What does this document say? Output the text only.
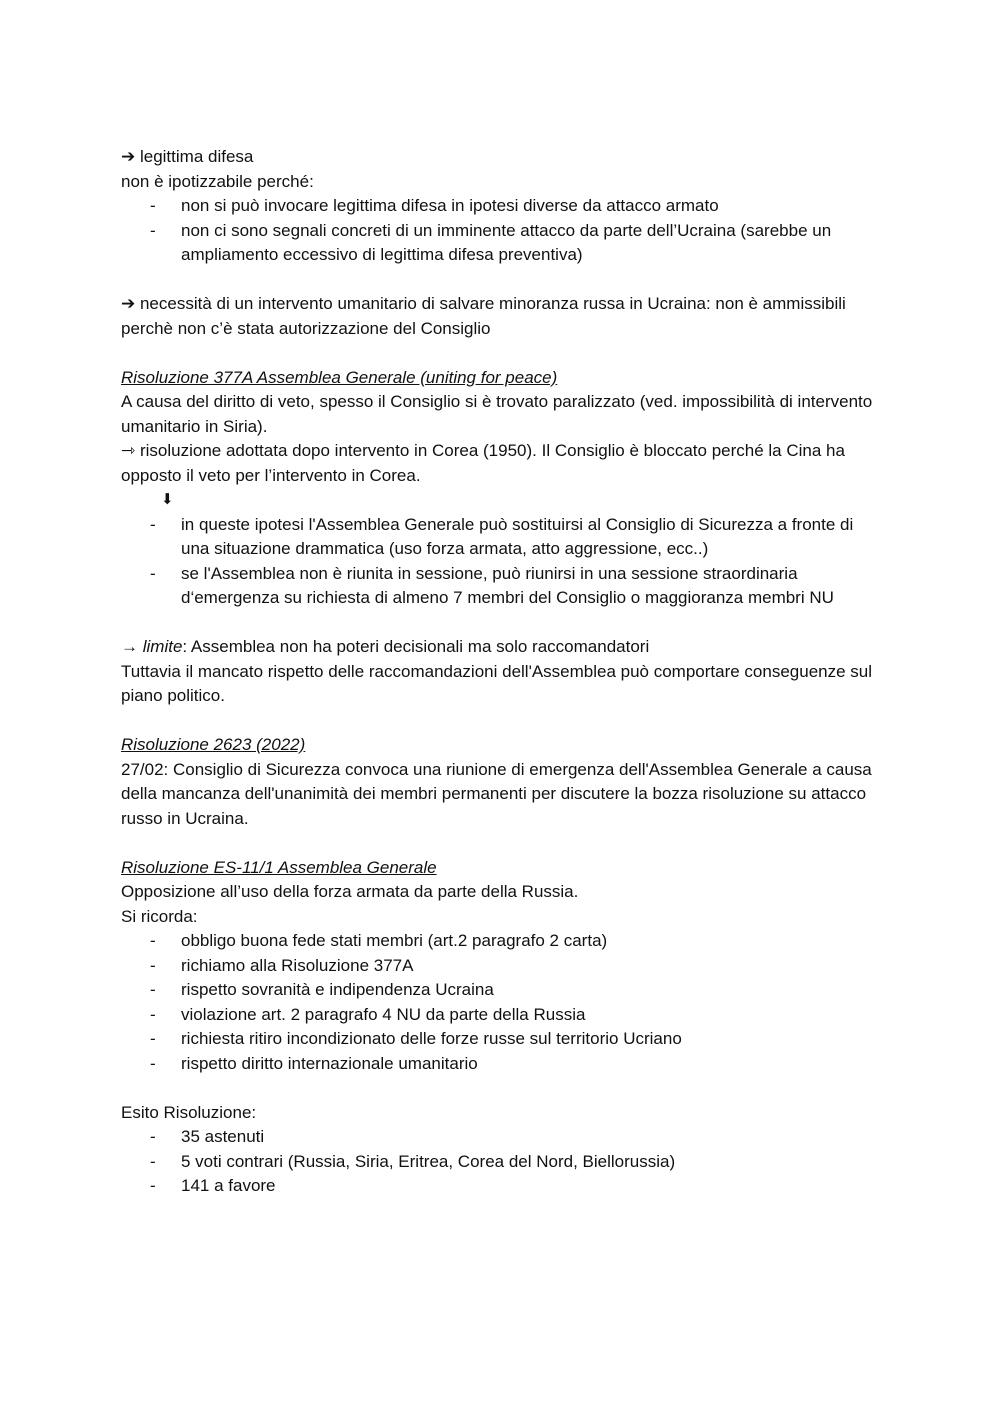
➔ legittima difesa

non è ipotizzabile perché:

- non si può invocare legittima difesa in ipotesi diverse da attacco armato
- non ci sono segnali concreti di un imminente attacco da parte dell’Ucraina (sarebbe un ampliamento eccessivo di legittima difesa preventiva)

➔ necessità di un intervento umanitario di salvare minoranza russa in Ucraina: non è ammissibili perchè non c’è stata autorizzazione del Consiglio

Risoluzione 377A Assemblea Generale (uniting for peace)

A causa del diritto di veto, spesso il Consiglio si è trovato paralizzato (ved. impossibilità di intervento umanitario in Siria).

⇾ risoluzione adottata dopo intervento in Corea (1950). Il Consiglio è bloccato perché la Cina ha opposto il veto per l’intervento in Corea.

⬇

- in queste ipotesi l'Assemblea Generale può sostituirsi al Consiglio di Sicurezza a fronte di una situazione drammatica (uso forza armata, atto aggressione, ecc..)
- se l'Assemblea non è riunita in sessione, può riunirsi in una sessione straordinaria d‘emergenza su richiesta di almeno 7 membri del Consiglio o maggioranza membri NU

→ limite: Assemblea non ha poteri decisionali ma solo raccomandatori

Tuttavia il mancato rispetto delle raccomandazioni dell'Assemblea può comportare conseguenze sul piano politico.

Risoluzione 2623 (2022)

27/02: Consiglio di Sicurezza convoca una riunione di emergenza dell'Assemblea Generale a causa della mancanza dell'unanimità dei membri permanenti per discutere la bozza risoluzione su attacco russo in Ucraina.

Risoluzione ES-11/1 Assemblea Generale

Opposizione all’uso della forza armata da parte della Russia.

Si ricorda:

- obbligo buona fede stati membri (art.2 paragrafo 2 carta)
- richiamo alla Risoluzione 377A
- rispetto sovranità e indipendenza Ucraina
- violazione art. 2 paragrafo 4 NU da parte della Russia
- richiesta ritiro incondizionato delle forze russe sul territorio Ucriano
- rispetto diritto internazionale umanitario

Esito Risoluzione:

- 35 astenuti
- 5 voti contrari (Russia, Siria, Eritrea, Corea del Nord, Biellorussia)
- 141 a favore
